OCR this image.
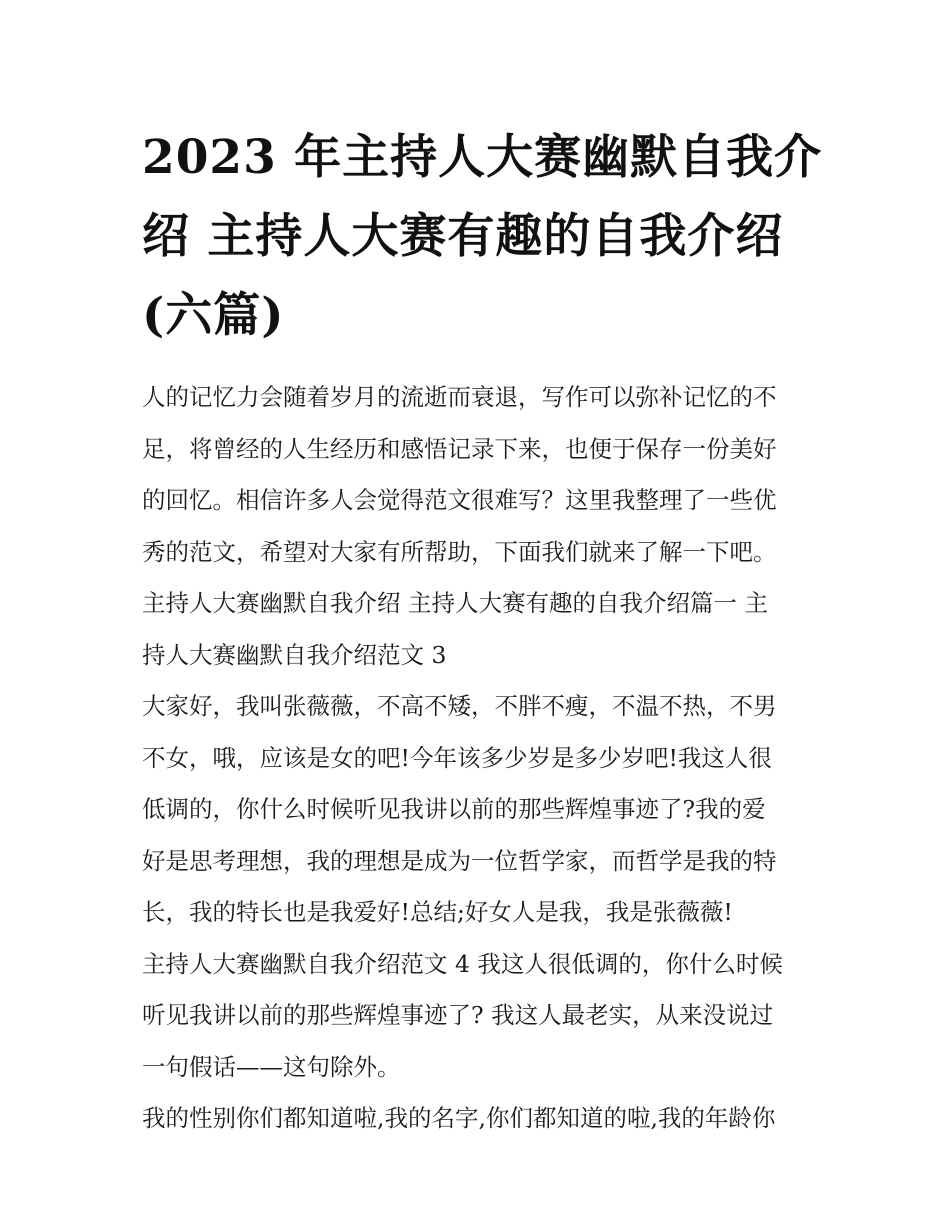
2023 年主持人大赛幽默自我介
绍 主持人大赛有趣的自我介绍
(六篇)

人的记忆力会随着岁月的流逝而衰退，写作可以弥补记忆的不
足，将曾经的人生经历和感悟记录下来，也便于保存一份美好
的回忆。相信许多人会觉得范文很难写？这里我整理了一些优
秀的范文，希望对大家有所帮助，下面我们就来了解一下吧。

主持人大赛幽默自我介绍 主持人大赛有趣的自我介绍篇一 主
持人大赛幽默自我介绍范文 3

大家好，我叫张薇薇，不高不矮，不胖不瘦，不温不热，不男
不女，哦，应该是女的吧!今年该多少岁是多少岁吧!我这人很
低调的，你什么时候听见我讲以前的那些辉煌事迹了?我的爱
好是思考理想，我的理想是成为一位哲学家，而哲学是我的特
长，我的特长也是我爱好!总结;好女人是我，我是张薇薇!

主持人大赛幽默自我介绍范文 4 我这人很低调的，你什么时候
听见我讲以前的那些辉煌事迹了? 我这人最老实，从来没说过
一句假话——这句除外。

我的性别你们都知道啦,我的名字,你们都知道的啦,我的年龄你
